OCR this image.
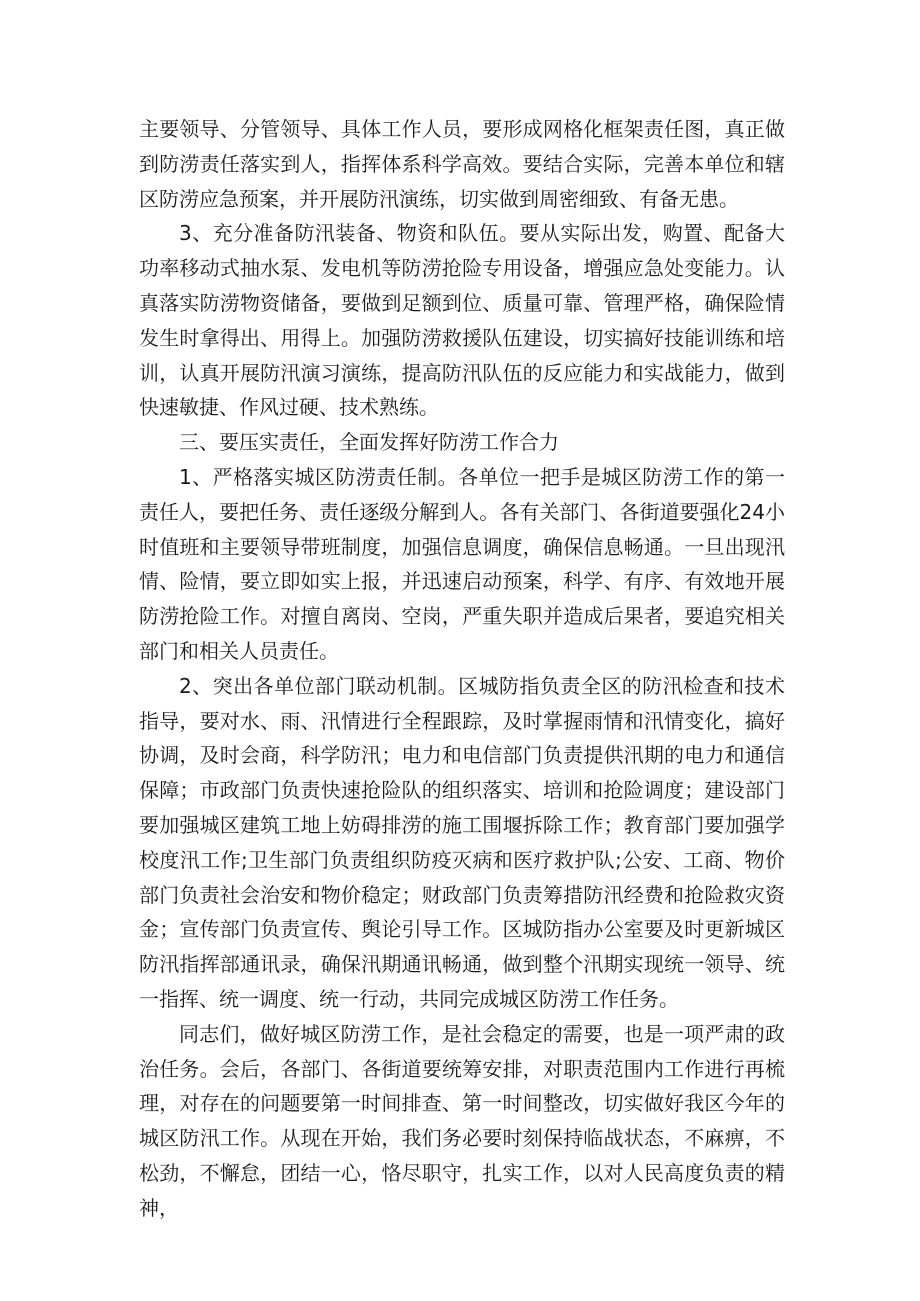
主要领导、分管领导、具体工作人员，要形成网格化框架责任图，真正做到防涝责任落实到人，指挥体系科学高效。要结合实际，完善本单位和辖区防涝应急预案，并开展防汛演练，切实做到周密细致、有备无患。

3、充分准备防汛装备、物资和队伍。要从实际出发，购置、配备大功率移动式抽水泵、发电机等防涝抢险专用设备，增强应急处变能力。认真落实防涝物资储备，要做到足额到位、质量可靠、管理严格，确保险情发生时拿得出、用得上。加强防涝救援队伍建设，切实搞好技能训练和培训，认真开展防汛演习演练，提高防汛队伍的反应能力和实战能力，做到快速敏捷、作风过硬、技术熟练。

三、要压实责任，全面发挥好防涝工作合力

1、严格落实城区防涝责任制。各单位一把手是城区防涝工作的第一责任人，要把任务、责任逐级分解到人。各有关部门、各街道要强化24小时值班和主要领导带班制度，加强信息调度，确保信息畅通。一旦出现汛情、险情，要立即如实上报，并迅速启动预案，科学、有序、有效地开展防涝抢险工作。对擅自离岗、空岗，严重失职并造成后果者，要追究相关部门和相关人员责任。

2、突出各单位部门联动机制。区城防指负责全区的防汛检查和技术指导，要对水、雨、汛情进行全程跟踪，及时掌握雨情和汛情变化，搞好协调，及时会商，科学防汛；电力和电信部门负责提供汛期的电力和通信保障；市政部门负责快速抢险队的组织落实、培训和抢险调度；建设部门要加强城区建筑工地上妨碍排涝的施工围堰拆除工作；教育部门要加强学校度汛工作;卫生部门负责组织防疫灭病和医疗救护队;公安、工商、物价部门负责社会治安和物价稳定；财政部门负责筹措防汛经费和抢险救灾资金；宣传部门负责宣传、舆论引导工作。区城防指办公室要及时更新城区防汛指挥部通讯录，确保汛期通讯畅通，做到整个汛期实现统一领导、统一指挥、统一调度、统一行动，共同完成城区防涝工作任务。

同志们，做好城区防涝工作，是社会稳定的需要，也是一项严肃的政治任务。会后，各部门、各街道要统筹安排，对职责范围内工作进行再梳理，对存在的问题要第一时间排查、第一时间整改，切实做好我区今年的城区防汛工作。从现在开始，我们务必要时刻保持临战状态，不麻痹，不松劲，不懈怠，团结一心，恪尽职守，扎实工作，以对人民高度负责的精神，
